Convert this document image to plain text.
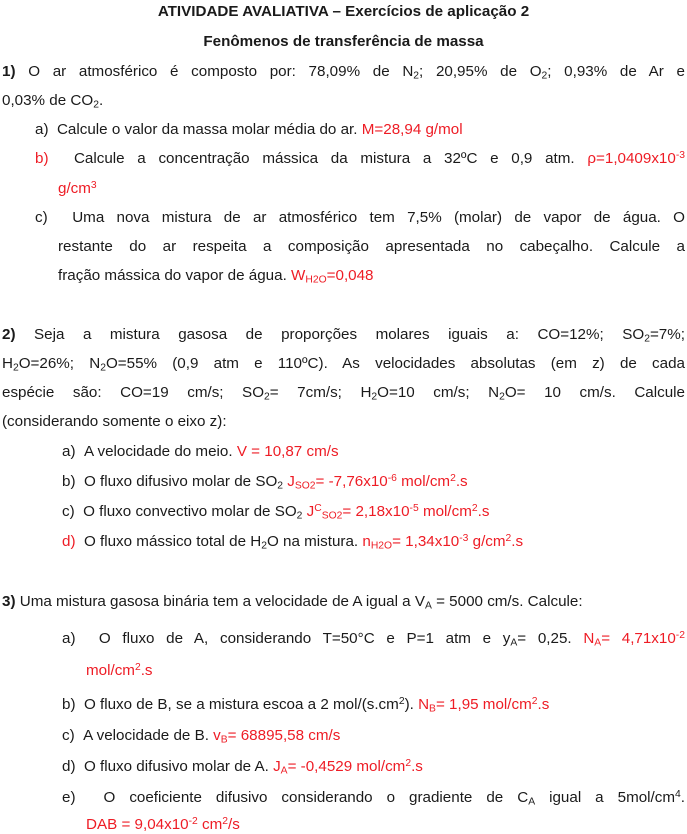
ATIVIDADE AVALIATIVA – Exercícios de aplicação 2
Fenômenos de transferência de massa
1) O ar atmosférico é composto por: 78,09% de $N_2$; 20,95% de $O_2$; 0,93% de Ar e
0,03% de $CO_2$.
a) Calcule o valor da massa molar média do ar. M=28,94 g/mol
b) Calcule a concentração mássica da mistura a 32ºC e 0,9 atm. $\rho=1,0409x10^{-3}$
$g/cm^3$
c) Uma nova mistura de ar atmosférico tem 7,5% (molar) de vapor de água. O
restante do ar respeita a composição apresentada no cabeçalho. Calcule a
fração mássica do vapor de água. $W_{H2O}=0,048$
2) Seja a mistura gasosa de proporções molares iguais a: CO=12%; $SO_2=7\%$;
$H_2O=26\%$; $N_2O=55\%$ (0,9 atm e 110ºC). As velocidades absolutas (em z) de cada
espécie são: CO=19 cm/s; $SO_2= 7cm/s$; $H_2O=10$ cm/s; $N_2O= 10$ cm/s. Calcule
(considerando somente o eixo z):
a) A velocidade do meio. V = 10,87 cm/s
b) O fluxo difusivo molar de $SO_2$ $J_{SO2}= -7,76x10^{-6}$ mol/$cm^2.s$
c) O fluxo convectivo molar de $SO_2$ $J^C_{SO2}= 2,18x10^{-5}$ mol/$cm^2.s$
d) O fluxo mássico total de $H_2O$ na mistura. $n_{H2O}= 1,34x10^{-3}$ $g/cm^2.s$
3) Uma mistura gasosa binária tem a velocidade de A igual a $V_A = 5000$ cm/s. Calcule:
a) O fluxo de A, considerando T=50°C e P=1 atm e $y_A= 0,25$. $N_A= 4,71x10^{-2}$
mol/$cm^2.s$
b) O fluxo de B, se a mistura escoa a 2 mol/$(s.cm^2)$. $N_B= 1,95$ mol/$cm^2.s$
c) A velocidade de B. $v_B= 68895,58$ cm/s
d) O fluxo difusivo molar de A. $J_A= -0,4529$ mol/$cm^2.s$
e) O coeficiente difusivo considerando o gradiente de $C_A$ igual a $5mol/cm^4$.
DAB = $9,04x10^{-2}$ $cm^2/s$
